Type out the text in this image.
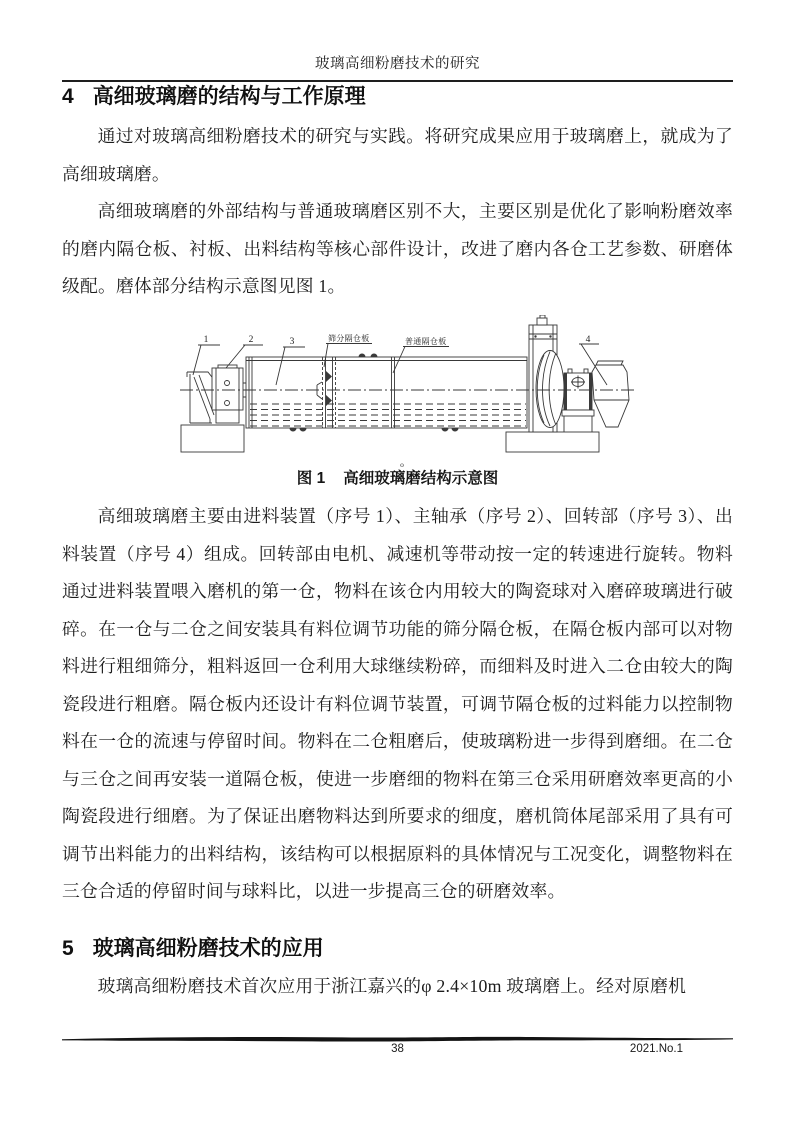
玻璃高细粉磨技术的研究
4 高细玻璃磨的结构与工作原理

通过对玻璃高细粉磨技术的研究与实践。将研究成果应用于玻璃磨上，就成为了高细玻璃磨。

高细玻璃磨的外部结构与普通玻璃磨区别不大，主要区别是优化了影响粉磨效率的磨内隔仓板、衬板、出料结构等核心部件设计，改进了磨内各仓工艺参数、研磨体级配。磨体部分结构示意图见图 1。

1	2	3	筛分隔仓板	普通隔仓板	4
o
图 1 高细玻璃磨结构示意图

高细玻璃磨主要由进料装置（序号 1）、主轴承（序号 2）、回转部（序号 3）、出料装置（序号 4）组成。回转部由电机、减速机等带动按一定的转速进行旋转。物料通过进料装置喂入磨机的第一仓，物料在该仓内用较大的陶瓷球对入磨碎玻璃进行破碎。在一仓与二仓之间安装具有料位调节功能的筛分隔仓板，在隔仓板内部可以对物料进行粗细筛分，粗料返回一仓利用大球继续粉碎，而细料及时进入二仓由较大的陶瓷段进行粗磨。隔仓板内还设计有料位调节装置，可调节隔仓板的过料能力以控制物料在一仓的流速与停留时间。物料在二仓粗磨后，使玻璃粉进一步得到磨细。在二仓与三仓之间再安装一道隔仓板，使进一步磨细的物料在第三仓采用研磨效率更高的小陶瓷段进行细磨。为了保证出磨物料达到所要求的细度，磨机筒体尾部采用了具有可调节出料能力的出料结构，该结构可以根据原料的具体情况与工况变化，调整物料在三仓合适的停留时间与球料比，以进一步提高三仓的研磨效率。

5 玻璃高细粉磨技术的应用

玻璃高细粉磨技术首次应用于浙江嘉兴的φ 2.4×10m 玻璃磨上。经对原磨机

38	2021.No.1
